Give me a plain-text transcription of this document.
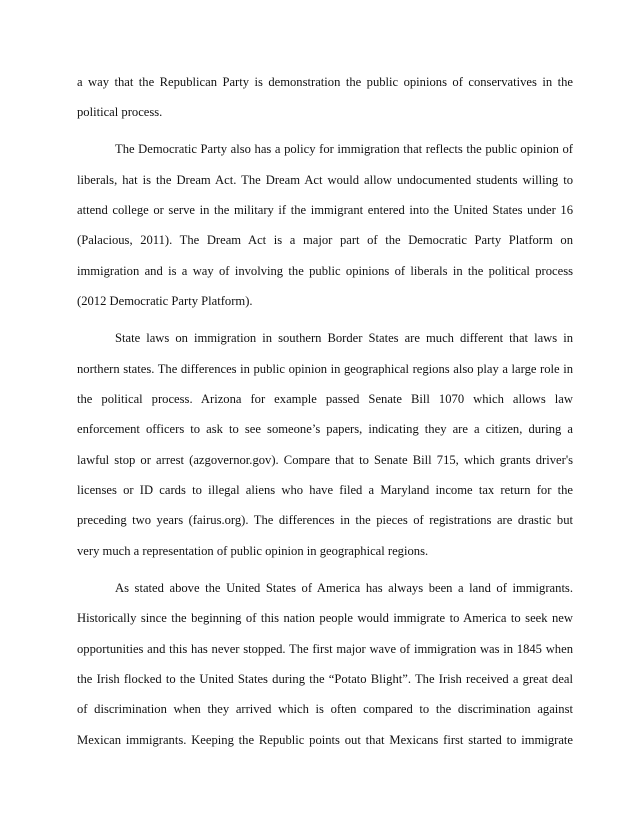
a way that the Republican Party is demonstration the public opinions of conservatives in the
political process.
The Democratic Party also has a policy for immigration that reflects the public opinion of
liberals, hat is the Dream Act. The Dream Act would allow undocumented students willing to
attend college or serve in the military if the immigrant entered into the United States under 16
(Palacious, 2011). The Dream Act is a major part of the Democratic Party Platform on
immigration and is a way of involving the public opinions of liberals in the political process
(2012 Democratic Party Platform).
State laws on immigration in southern Border States are much different that laws in
northern states. The differences in public opinion in geographical regions also play a large role in
the political process. Arizona for example passed Senate Bill 1070 which allows law
enforcement officers to ask to see someone’s papers, indicating they are a citizen, during a
lawful stop or arrest (azgovernor.gov). Compare that to Senate Bill 715, which grants driver's
licenses or ID cards to illegal aliens who have filed a Maryland income tax return for the
preceding two years (fairus.org). The differences in the pieces of registrations are drastic but
very much a representation of public opinion in geographical regions.
As stated above the United States of America has always been a land of immigrants.
Historically since the beginning of this nation people would immigrate to America to seek new
opportunities and this has never stopped. The first major wave of immigration was in 1845 when
the Irish flocked to the United States during the “Potato Blight”. The Irish received a great deal
of discrimination when they arrived which is often compared to the discrimination against
Mexican immigrants. Keeping the Republic points out that Mexicans first started to immigrate
